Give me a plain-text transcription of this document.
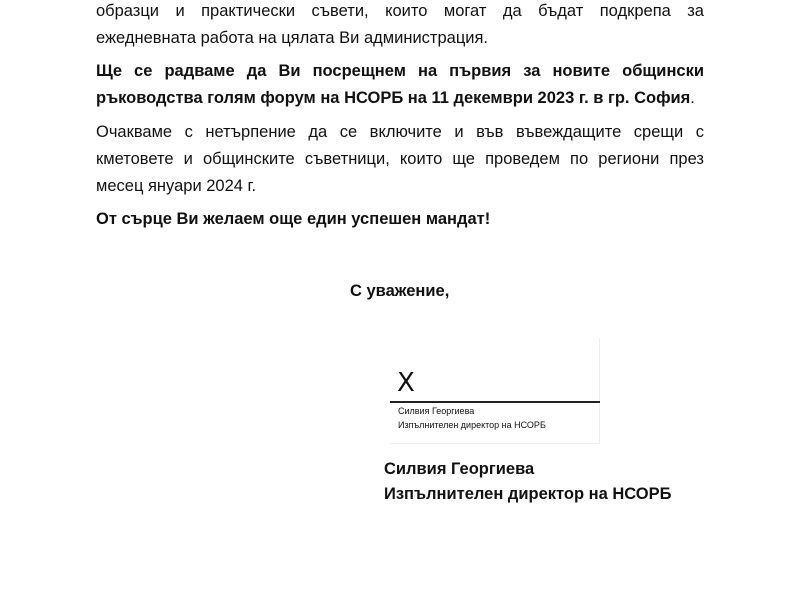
образци и практически съвети, които могат да бъдат подкрепа за
ежедневната работа на цялата Ви администрация.

Ще се радваме да Ви посрещнем на първия за новите общински
ръководства голям форум на НСОРБ на 11 декември 2023 г. в гр. София.

Очакваме с нетърпение да се включите и във въвеждащите срещи с
кметовете и общинските съветници, които ще проведем по региони през
месец януари 2024 г.

От сърце Ви желаем още един успешен мандат!

С уважение,

X
Силвия Георгиева
Изпълнителен директор на НСОРБ

Силвия Георгиева
Изпълнителен директор на НСОРБ
